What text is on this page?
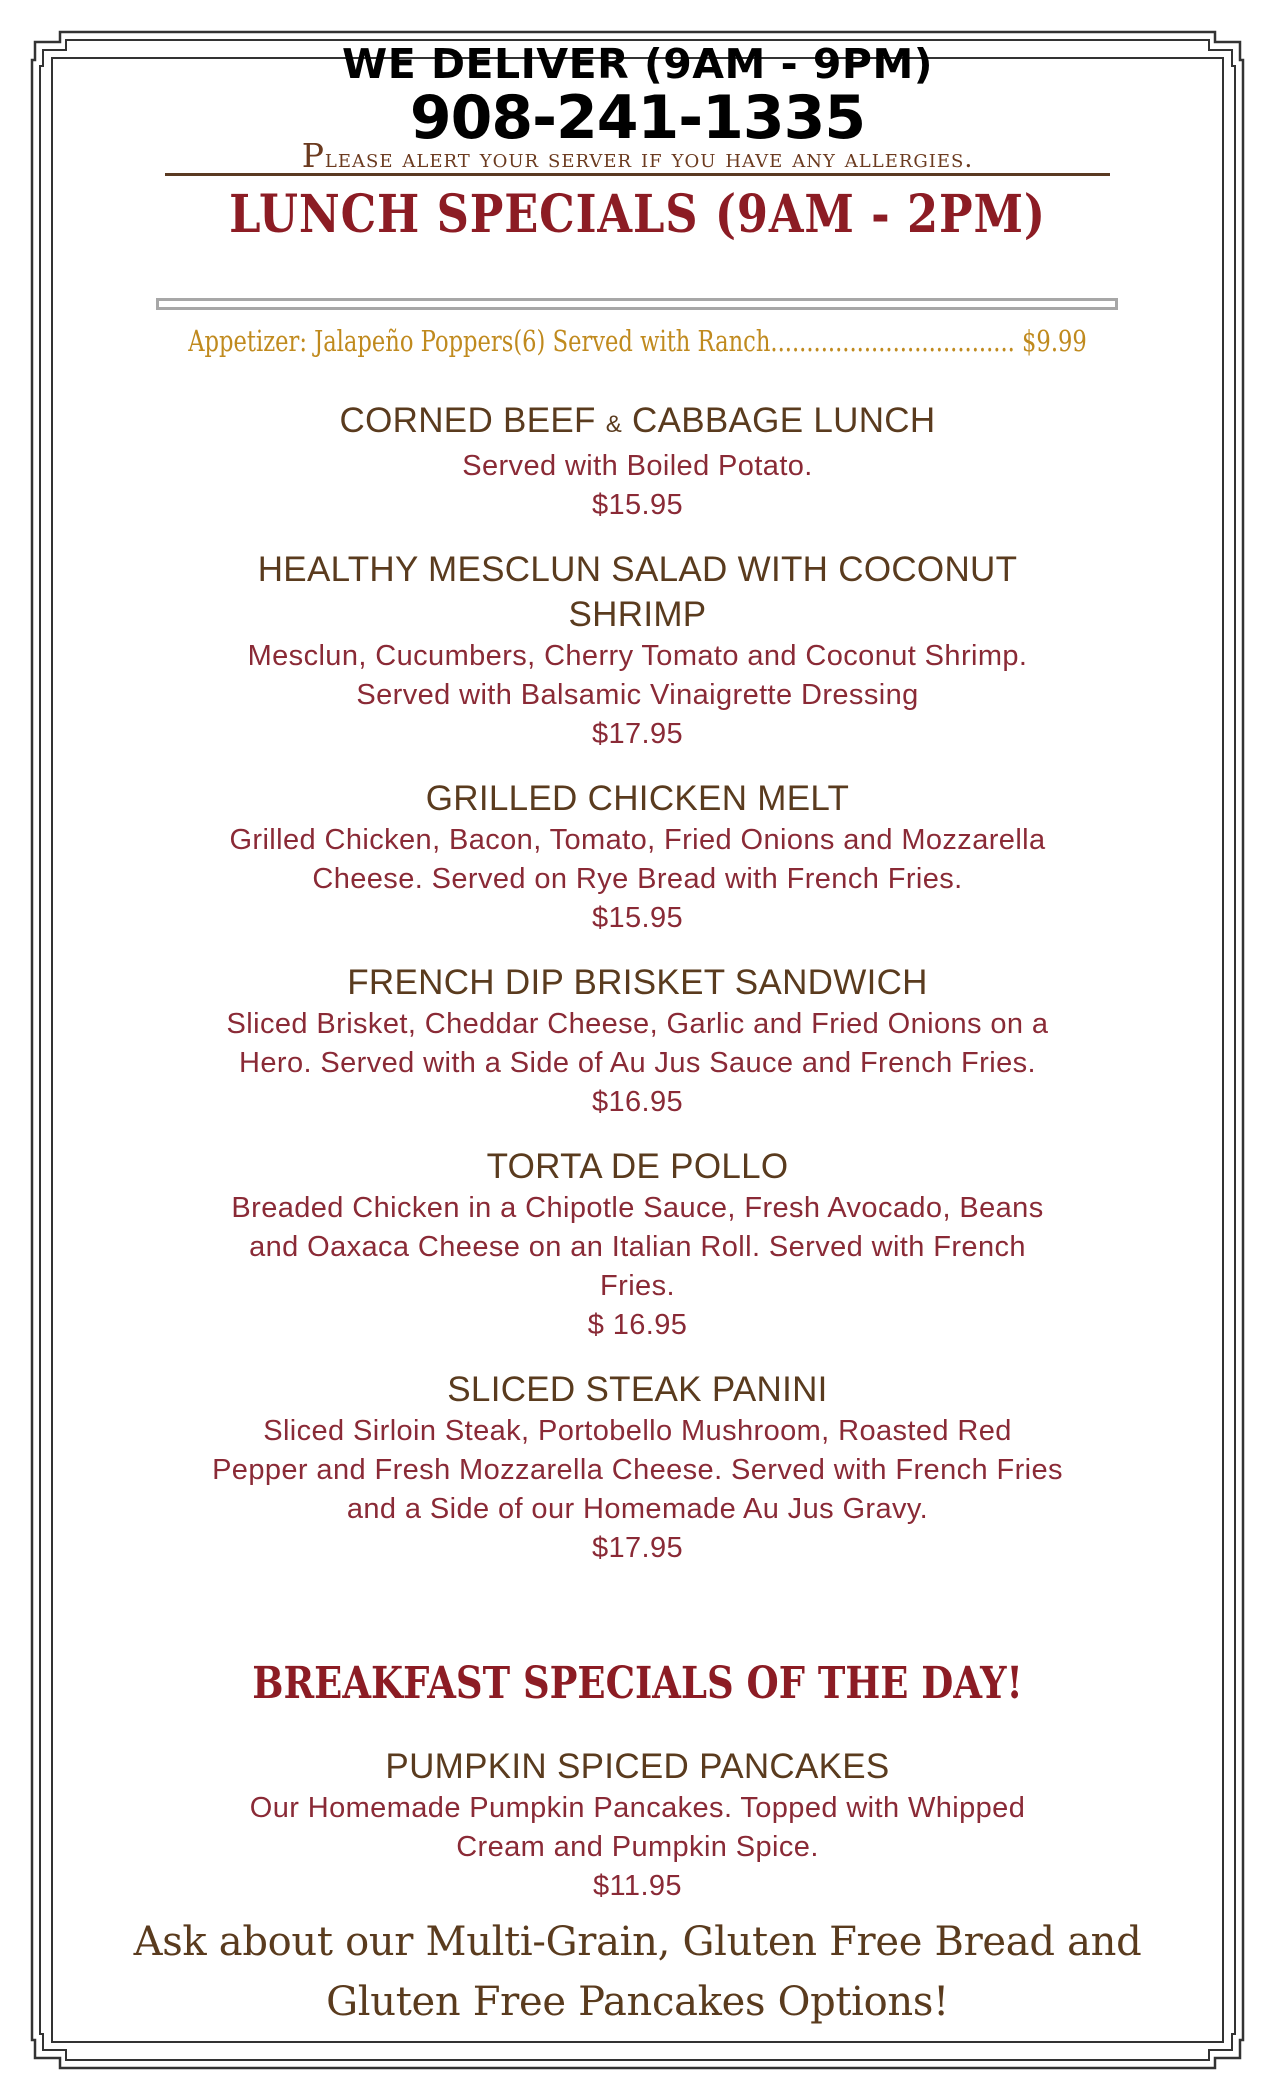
WE DELIVER (9AM - 9PM)
908-241-1335
Please alert your server if you have any allergies.
LUNCH SPECIALS (9AM - 2PM)
Appetizer: Jalapeño Poppers(6) Served with Ranch.................................. $9.99
CORNED BEEF & CABBAGE LUNCH
Served with Boiled Potato.
$15.95
HEALTHY MESCLUN SALAD WITH COCONUT
SHRIMP
Mesclun, Cucumbers, Cherry Tomato and Coconut Shrimp.
Served with Balsamic Vinaigrette Dressing
$17.95
GRILLED CHICKEN MELT
Grilled Chicken, Bacon, Tomato, Fried Onions and Mozzarella
Cheese. Served on Rye Bread with French Fries.
$15.95
FRENCH DIP BRISKET SANDWICH
Sliced Brisket, Cheddar Cheese, Garlic and Fried Onions on a
Hero. Served with a Side of Au Jus Sauce and French Fries.
$16.95
TORTA DE POLLO
Breaded Chicken in a Chipotle Sauce, Fresh Avocado, Beans
and Oaxaca Cheese on an Italian Roll. Served with French
Fries.
$ 16.95
SLICED STEAK PANINI
Sliced Sirloin Steak, Portobello Mushroom, Roasted Red
Pepper and Fresh Mozzarella Cheese. Served with French Fries
and a Side of our Homemade Au Jus Gravy.
$17.95
BREAKFAST SPECIALS OF THE DAY!
PUMPKIN SPICED PANCAKES
Our Homemade Pumpkin Pancakes. Topped with Whipped
Cream and Pumpkin Spice.
$11.95
Ask about our Multi-Grain, Gluten Free Bread and
Gluten Free Pancakes Options!
